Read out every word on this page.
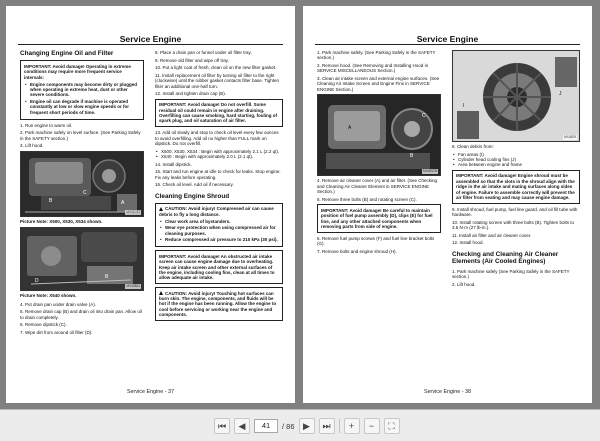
Service Engine
Changing Engine Oil and Filter
IMPORTANT: Avoid damage! Operating in extreme conditions may require more frequent service intervals:
• Engine components may become dirty or plugged when operating in extreme heat, dust or other severe conditions.
• Engine oil can degrade if machine is operated constantly at low or slow engine speeds or for frequent short periods of time.

1. Run engine to warm oil.

2. Park machine safely on level surface. (See Parking Safely in the SAFETY section.)

3. Lift hood.

B
C
A
MX31031
Picture Note: X500, X530, X534 shown.
D
B
MX30881
Picture Note: X540 shown.

4. Put drain pan under drain valve (A).

5. Remove drain cap (B) and drain oil into drain pan. Allow oil to drain completely.

6. Remove dipstick (C).

7. Wipe dirt from around oil filter (D).

8. Place a drain pan or funnel under oil filter tray.

9. Remove old filter and wipe off tray.

10. Put a light coat of fresh, clean oil on the new filter gasket.

11. Install replacement oil filter by turning oil filter to the right (clockwise) until the rubber gasket contacts filter base. Tighten filter an additional one-half turn.

12. Install and tighten drain cap (B).

IMPORTANT: Avoid damage! Do not overfill. Some residual oil could remain in engine after draining. Overfilling can cause smoking, hard starting, fouling of spark plug, and oil saturation of air filter.

13. Add oil slowly and stop to check oil level every few ounces to avoid overfilling. Add oil no higher than FULL mark on dipstick. Do not overfill.

• X500, X530, X534 : Begin with approximately 2.1 L (2.2 qt).
• X540 : Begin with approximately 2.0 L (2.1 qt).

14. Install dipstick.

15. Start and run engine at idle to check for leaks. Stop engine. Fix any leaks before operating.

16. Check oil level. Add oil if necessary.

Cleaning Engine Shroud
CAUTION: Avoid injury! Compressed air can cause debris to fly a long distance.
• Clear work area of bystanders.
• Wear eye protection when using compressed air for cleaning purposes.
• Reduce compressed air pressure to 210 kPa (30 psi).
IMPORTANT: Avoid damage! An obstructed air intake screen can cause engine damage due to overheating. Keep air intake screen and other external surfaces of the engine, including cooling fins, clean at all times to allow adequate air intake.
CAUTION: Avoid injury! Touching hot surfaces can burn skin. The engine, components, and fluids will be hot if the engine has been running. Allow the engine to cool before servicing or working near the engine and components.
Service Engine - 37
Service Engine

1. Park machine safely. (See Parking Safely in the SAFETY section.)

2. Remove hood. (See Removing and Installing Hood in SERVICE MISCELLANEOUS Section.)

3. Clean air intake screen and external engine surfaces. (See Cleaning Air Intake Screen and Engine Fins in SERVICE ENGINE Section.)

A
B
C
MX4902B

4. Remove air cleaner cover (A) and air filter. (See Checking and Cleaning Air Cleaner Element in SERVICE ENGINE Section.)

5. Remove three bolts (B) and rotating screen (C).

IMPORTANT: Avoid damage! Be careful to maintain position of fuel pump assembly (D), clips (E) for fuel line, and any other attached components when removing parts from side of engine.

6. Remove fuel pump screws (F) and fuel line bracket bolts (G).

7. Remove bolts and engine shroud (H).

I
J
MX4829

8. Clean debris from:

• Fan areas (I)
• Cylinder head cooling fins (J)
• Area between engine and frame
IMPORTANT: Avoid damage! Engine shroud must be assembled so that the slots in the shroud align with the ridge in the air intake and mating surfaces along sides of engine. Failure to assemble correctly will prevent the air filter from seating and may cause engine damage.

9. Install shroud, fuel pump, fuel line guard, and oil fill tube with hardware.

10. Install rotating screen with three bolts (B). Tighten bolts to 3.5 N·m (27 lb-in.).

11. Install air filter and air cleaner cover.

12. Install hood.

Checking and Cleaning Air Cleaner Elements (Air Cooled Engines)

1. Park machine safely (See Parking Safely in the SAFETY section.)

2. Lift hood.

Service Engine - 38
⏮	◀	41	/ 86 ▶	⏭	+	−	⛶
